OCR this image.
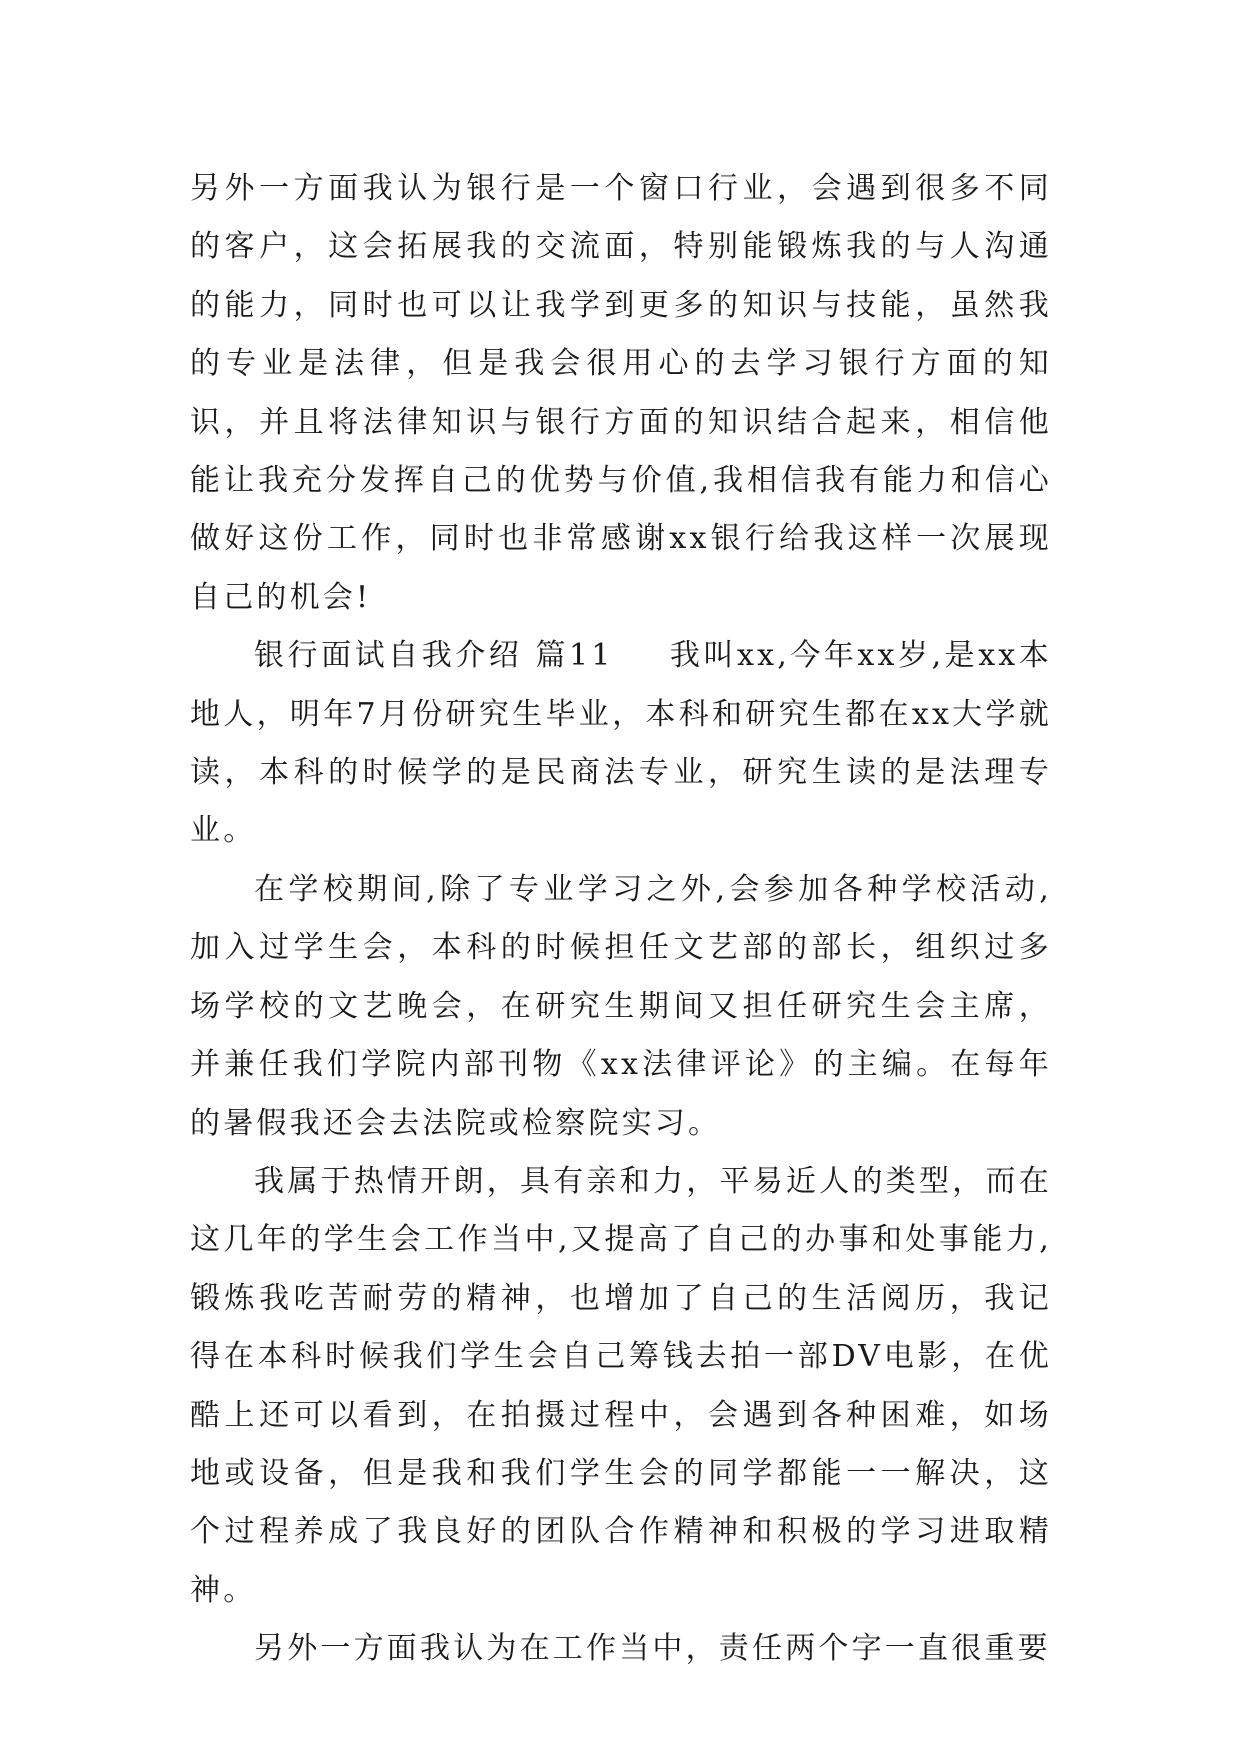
另外一方面我认为银行是一个窗口行业，会遇到很多不同的客户，这会拓展我的交流面，特别能锻炼我的与人沟通的能力，同时也可以让我学到更多的知识与技能，虽然我的专业是法律，但是我会很用心的去学习银行方面的知识，并且将法律知识与银行方面的知识结合起来，相信他能让我充分发挥自己的优势与价值,我相信我有能力和信心做好这份工作，同时也非常感谢xx银行给我这样一次展现自己的机会!

银行面试自我介绍 篇11 我叫xx,今年xx岁,是xx本地人，明年7月份研究生毕业，本科和研究生都在xx大学就读，本科的时候学的是民商法专业，研究生读的是法理专业。

在学校期间,除了专业学习之外,会参加各种学校活动,加入过学生会，本科的时候担任文艺部的部长，组织过多场学校的文艺晚会，在研究生期间又担任研究生会主席，并兼任我们学院内部刊物《xx法律评论》的主编。在每年的暑假我还会去法院或检察院实习。

我属于热情开朗，具有亲和力，平易近人的类型，而在这几年的学生会工作当中,又提高了自己的办事和处事能力,锻炼我吃苦耐劳的精神，也增加了自己的生活阅历，我记得在本科时候我们学生会自己筹钱去拍一部DV电影，在优酷上还可以看到，在拍摄过程中，会遇到各种困难，如场地或设备，但是我和我们学生会的同学都能一一解决，这个过程养成了我良好的团队合作精神和积极的学习进取精神。

另外一方面我认为在工作当中，责任两个字一直很重要
